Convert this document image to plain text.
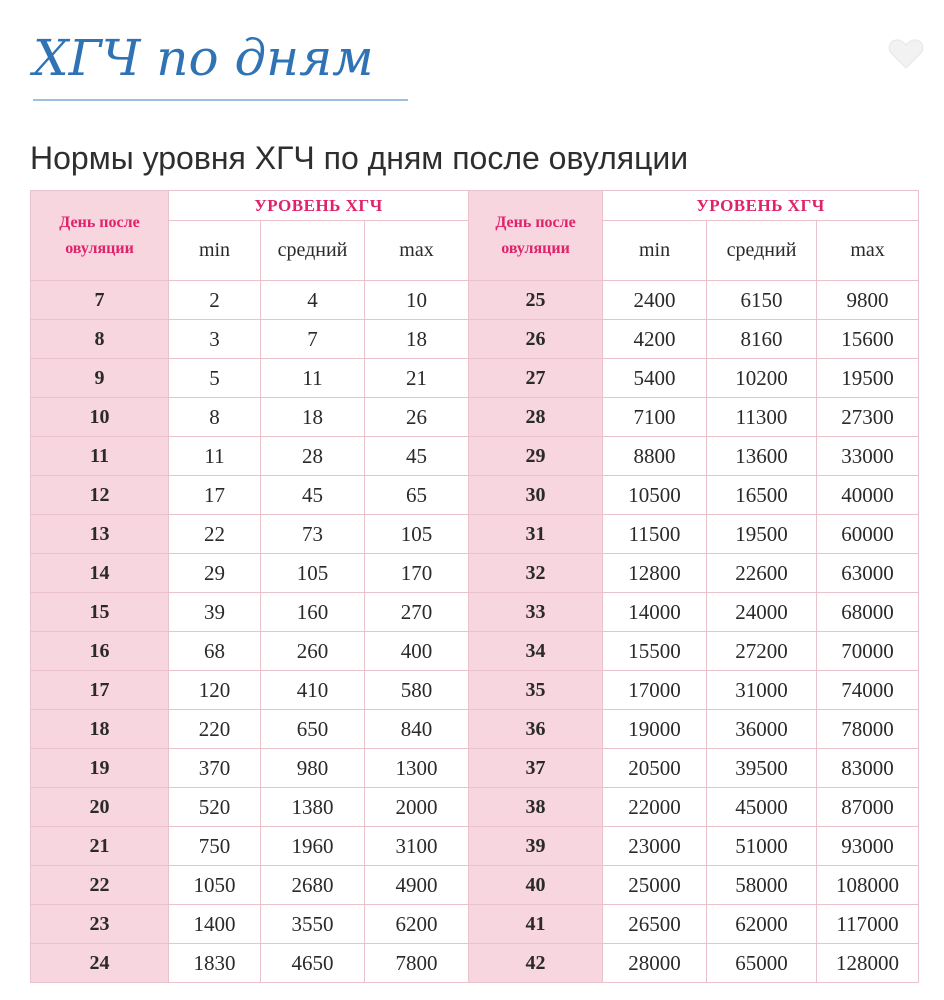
ХГЧ по дням
Нормы уровня ХГЧ по дням после овуляции
День после овуляции	УРОВЕНЬ ХГЧ			День после овуляции	УРОВЕНЬ ХГЧ		
	min	средний	max		min	средний	max
7	2	4	10	25	2400	6150	9800
8	3	7	18	26	4200	8160	15600
9	5	11	21	27	5400	10200	19500
10	8	18	26	28	7100	11300	27300
11	11	28	45	29	8800	13600	33000
12	17	45	65	30	10500	16500	40000
13	22	73	105	31	11500	19500	60000
14	29	105	170	32	12800	22600	63000
15	39	160	270	33	14000	24000	68000
16	68	260	400	34	15500	27200	70000
17	120	410	580	35	17000	31000	74000
18	220	650	840	36	19000	36000	78000
19	370	980	1300	37	20500	39500	83000
20	520	1380	2000	38	22000	45000	87000
21	750	1960	3100	39	23000	51000	93000
22	1050	2680	4900	40	25000	58000	108000
23	1400	3550	6200	41	26500	62000	117000
24	1830	4650	7800	42	28000	65000	128000
